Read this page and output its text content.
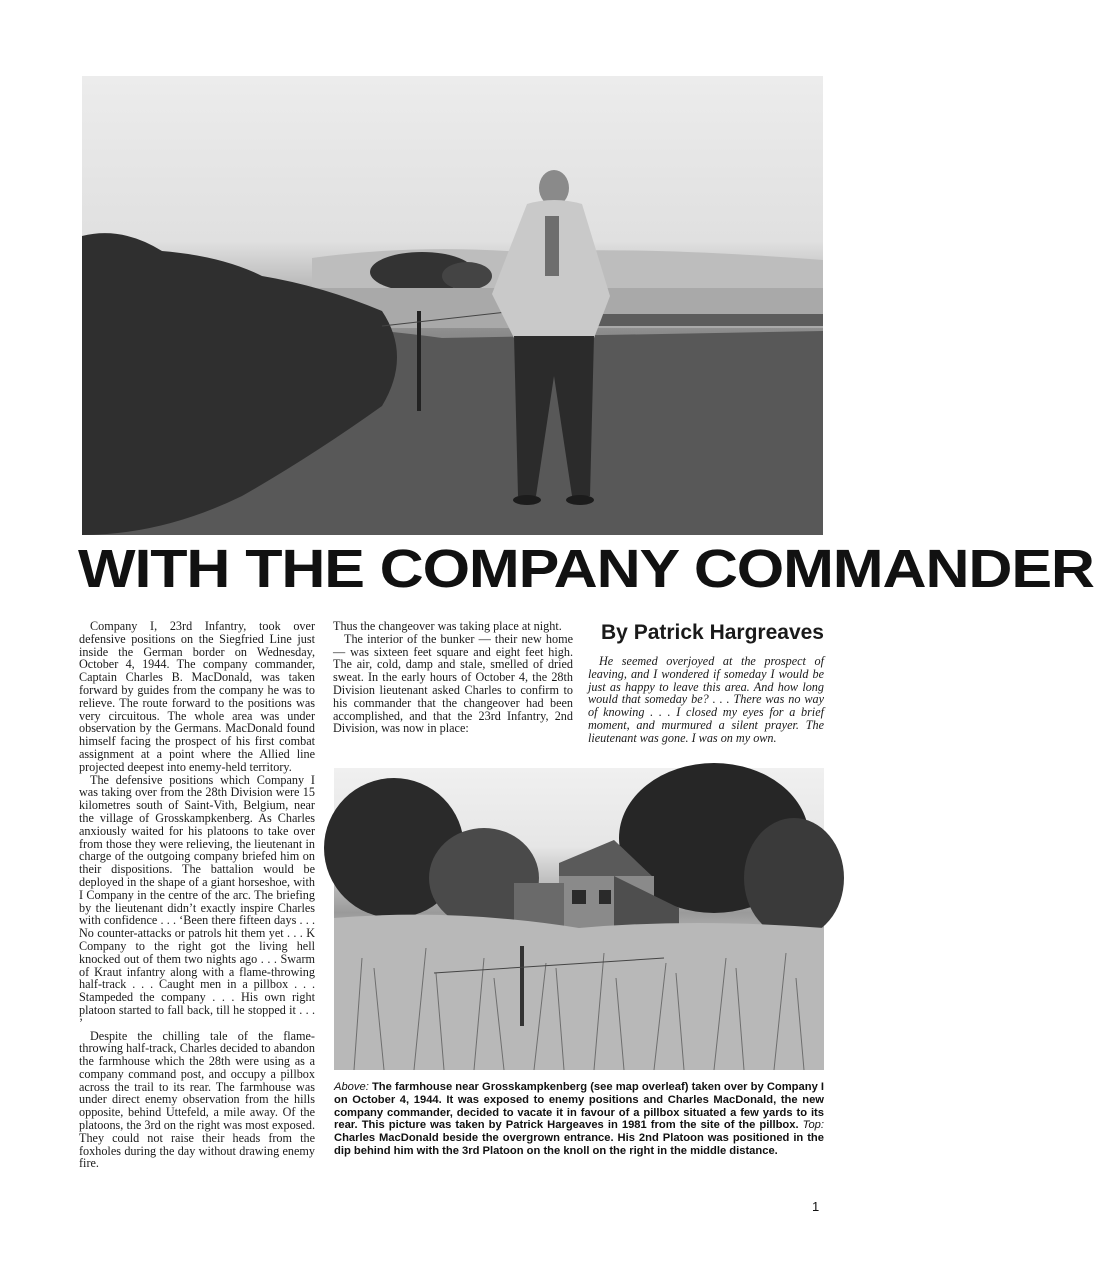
WITH THE COMPANY COMMANDER

Company I, 23rd Infantry, took over defensive positions on the Siegfried Line just inside the German border on Wednesday, October 4, 1944. The company commander, Captain Charles B. MacDonald, was taken forward by guides from the company he was to relieve. The route forward to the positions was very circuitous. The whole area was under observation by the Germans. MacDonald found himself facing the prospect of his first combat assignment at a point where the Allied line projected deepest into enemy-held territory.

The defensive positions which Company I was taking over from the 28th Division were 15 kilometres south of Saint-Vith, Belgium, near the village of Grosskampkenberg. As Charles anxiously waited for his platoons to take over from those they were relieving, the lieutenant in charge of the outgoing company briefed him on their dispositions. The battalion would be deployed in the shape of a giant horseshoe, with I Company in the centre of the arc. The briefing by the lieutenant didn’t exactly inspire Charles with confidence . . . ‘Been there fifteen days . . . No counter-attacks or patrols hit them yet . . . K Company to the right got the living hell knocked out of them two nights ago . . . Swarm of Kraut infantry along with a flame-throwing half-track . . . Caught men in a pillbox . . . Stampeded the company . . . His own right platoon started to fall back, till he stopped it . . . ’

Despite the chilling tale of the flame-throwing half-track, Charles decided to abandon the farmhouse which the 28th were using as a company command post, and occupy a pillbox across the trail to its rear. The farmhouse was under direct enemy observation from the hills opposite, behind Uttefeld, a mile away. Of the platoons, the 3rd on the right was most exposed. They could not raise their heads from the foxholes during the day without drawing enemy fire.

Thus the changeover was taking place at night.

The interior of the bunker — their new home — was sixteen feet square and eight feet high. The air, cold, damp and stale, smelled of dried sweat. In the early hours of October 4, the 28th Division lieutenant asked Charles to confirm to his commander that the changeover had been accomplished, and that the 23rd Infantry, 2nd Division, was now in place:

By Patrick Hargreaves

He seemed overjoyed at the prospect of leaving, and I wondered if someday I would be just as happy to leave this area. And how long would that someday be? . . . There was no way of knowing . . . I closed my eyes for a brief moment, and murmured a silent prayer. The lieutenant was gone. I was on my own.

Above: The farmhouse near Grosskampkenberg (see map overleaf) taken over by Company I on October 4, 1944. It was exposed to enemy positions and Charles MacDonald, the new company commander, decided to vacate it in favour of a pillbox situated a few yards to its rear. This picture was taken by Patrick Hargeaves in 1981 from the site of the pillbox. Top: Charles MacDonald beside the overgrown entrance. His 2nd Platoon was positioned in the dip behind him with the 3rd Platoon on the knoll on the right in the middle distance.
1
